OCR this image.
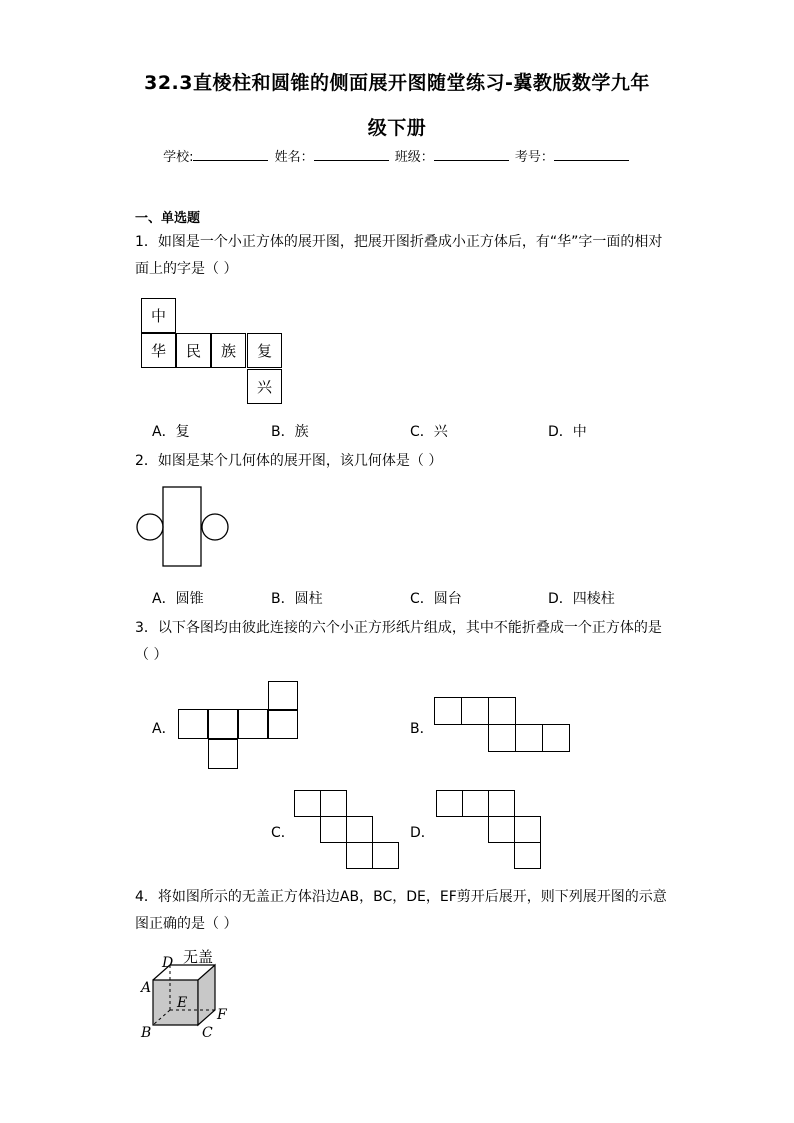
32.3直棱柱和圆锥的侧面展开图随堂练习-冀教版数学九年
级下册
学校:	姓名：	班级：	考号：
一、单选题
1．如图是一个小正方体的展开图，把展开图折叠成小正方体后，有“华”字一面的相对
面上的字是（ ）
中
华	民	族	复
兴
A．复	B．族	C．兴	D．中
2．如图是某个几何体的展开图，该几何体是（ ）
A．圆锥	B．圆柱	C．圆台	D．四棱柱
3．以下各图均由彼此连接的六个小正方形纸片组成，其中不能折叠成一个正方体的是
（ ）
A．	B．
C．	D．
4．将如图所示的无盖正方体沿边AB，BC，DE，EF剪开后展开，则下列展开图的示意
图正确的是（ ）
无盖
D
A
E
F
B	C
